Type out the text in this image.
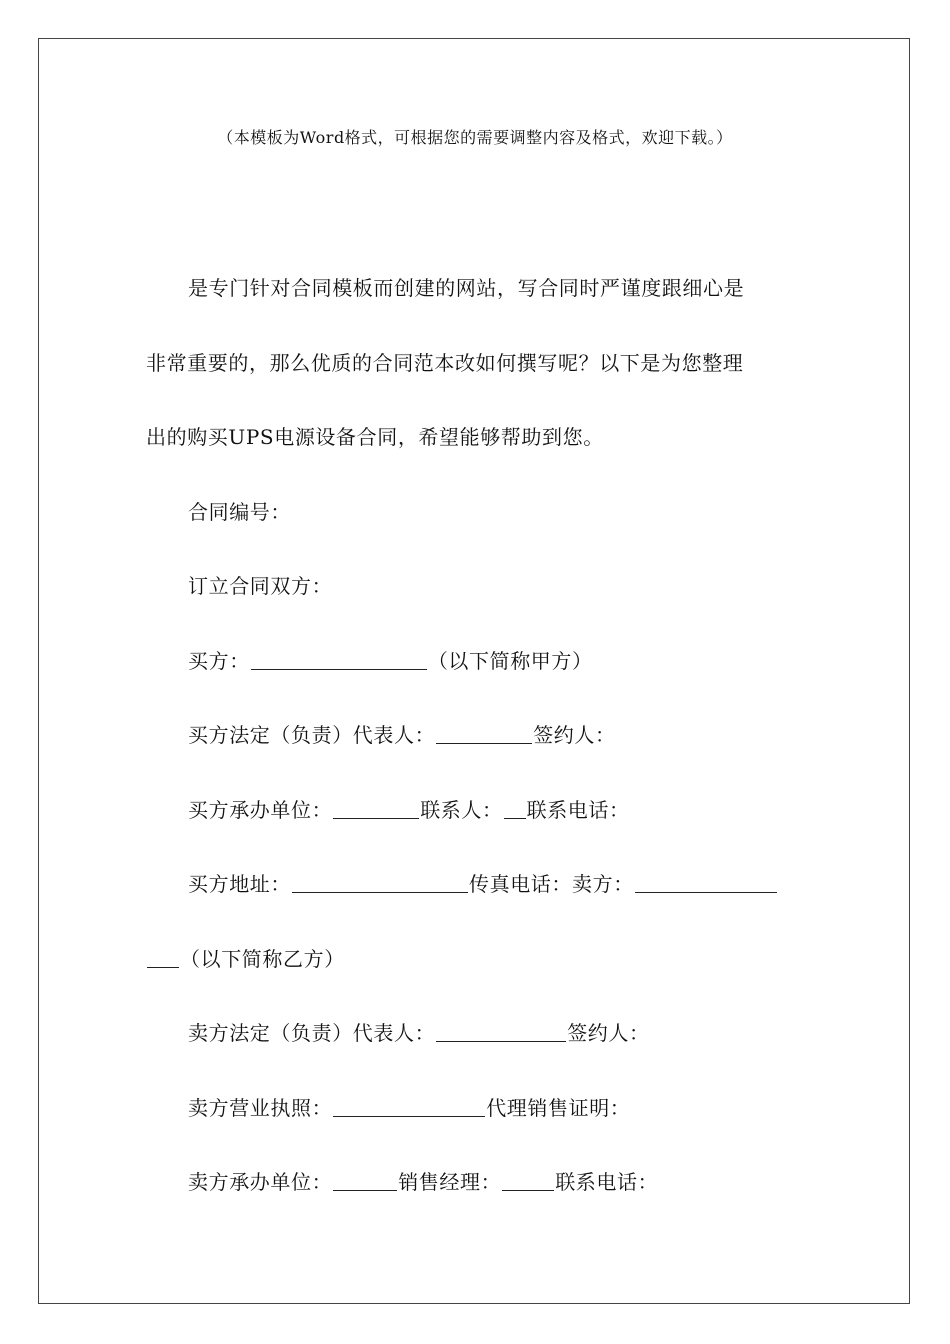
（本模板为Word格式，可根据您的需要调整内容及格式，欢迎下载。）
是专门针对合同模板而创建的网站，写合同时严谨度跟细心是
非常重要的，那么优质的合同范本改如何撰写呢？以下是为您整理
出的购买UPS电源设备合同，希望能够帮助到您。
合同编号：
订立合同双方：
买方：	（以下简称甲方）
买方法定（负责）代表人：	签约人：
买方承办单位：	联系人： 联系电话：
买方地址：	传真电话：卖方：
（以下简称乙方）
卖方法定（负责）代表人：	签约人：
卖方营业执照：	代理销售证明：
卖方承办单位：	销售经理：	联系电话：
